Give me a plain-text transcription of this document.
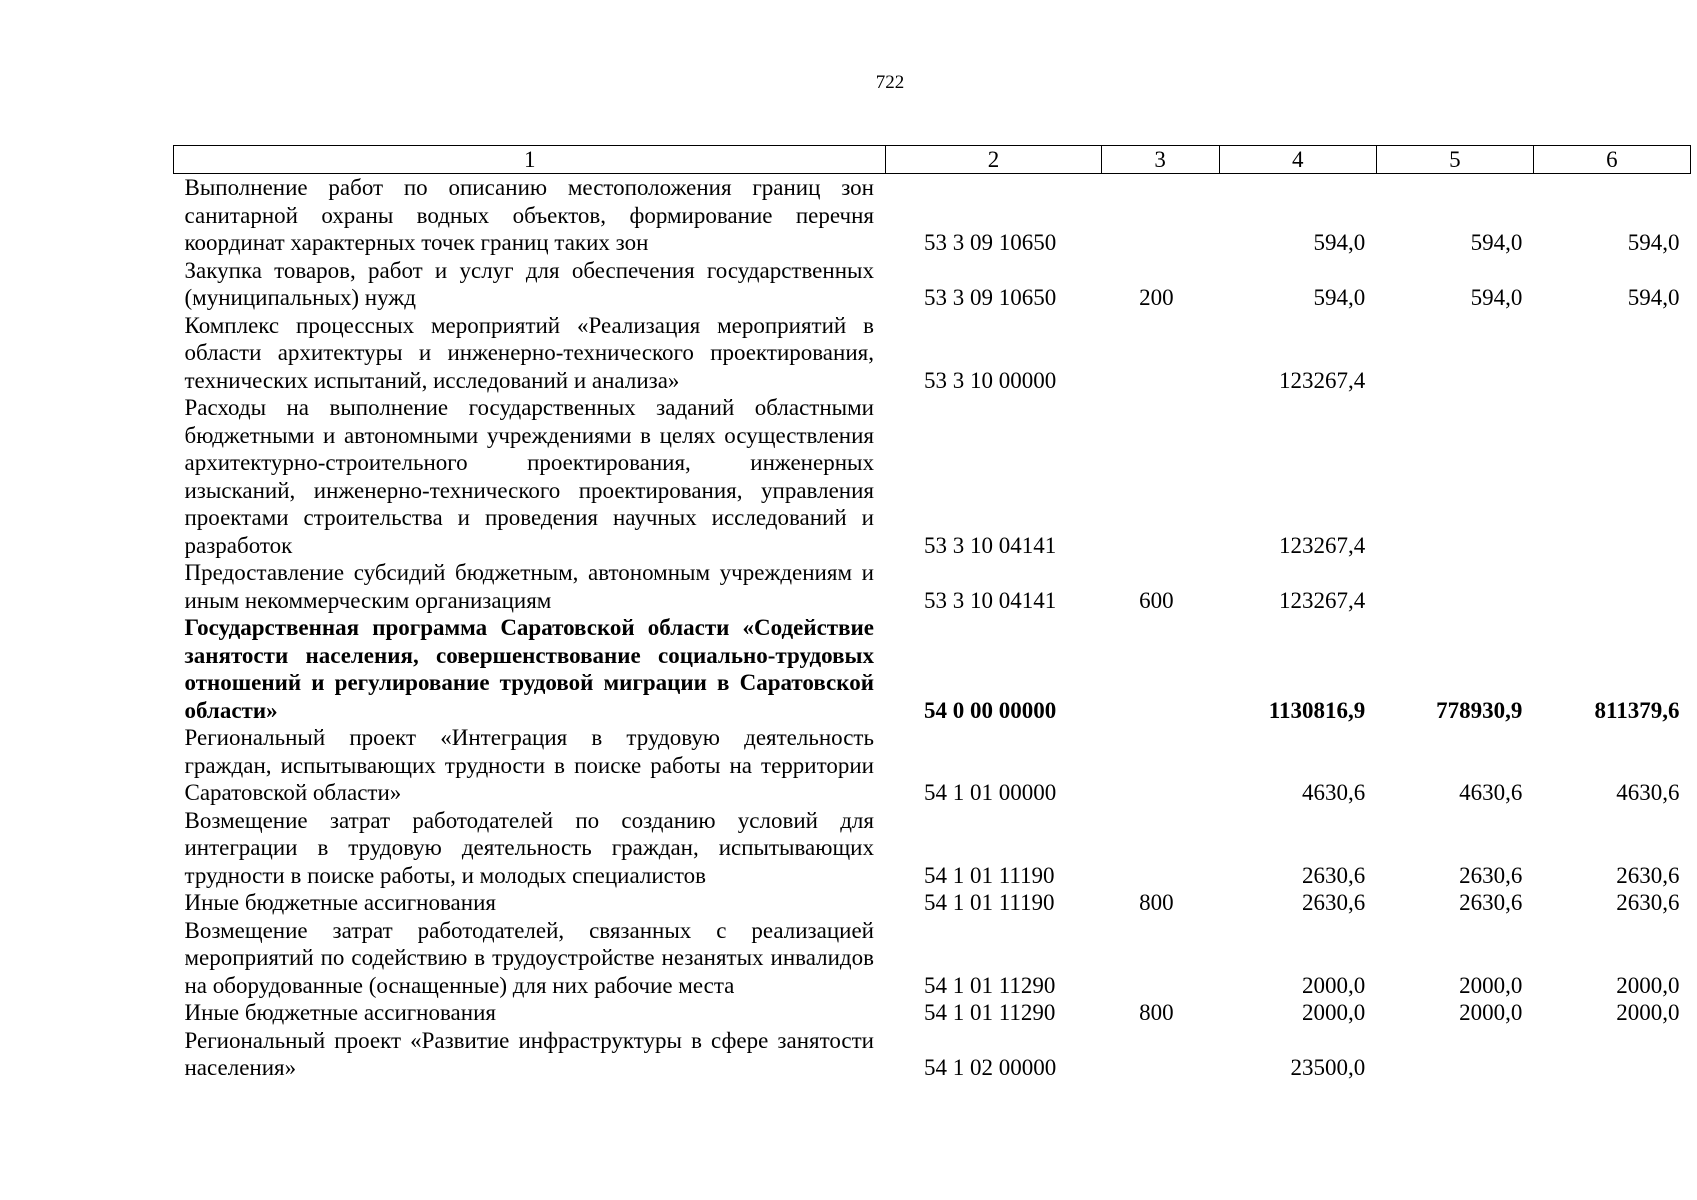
722
1	2	3	4	5	6
Выполнение работ по описанию местоположения границ зон санитарной охраны водных объектов, формирование перечня координат характерных точек границ таких зон	53 3 09 10650		594,0	594,0	594,0
Закупка товаров, работ и услуг для обеспечения государственных (муниципальных) нужд	53 3 09 10650	200	594,0	594,0	594,0
Комплекс процессных мероприятий «Реализация мероприятий в области архитектуры и инженерно-технического проектирования, технических испытаний, исследований и анализа»	53 3 10 00000		123267,4		
Расходы на выполнение государственных заданий областными бюджетными и автономными учреждениями в целях осуществления архитектурно-строительного проектирования, инженерных изысканий, инженерно-технического проектирования, управления проектами строительства и проведения научных исследований и разработок	53 3 10 04141		123267,4		
Предоставление субсидий бюджетным, автономным учреждениям и иным некоммерческим организациям	53 3 10 04141	600	123267,4		
Государственная программа Саратовской области «Содействие занятости населения, совершенствование социально-трудовых отношений и регулирование трудовой миграции в Саратовской области»	54 0 00 00000		1130816,9	778930,9	811379,6
Региональный проект «Интеграция в трудовую деятельность граждан, испытывающих трудности в поиске работы на территории Саратовской области»	54 1 01 00000		4630,6	4630,6	4630,6
Возмещение затрат работодателей по созданию условий для интеграции в трудовую деятельность граждан, испытывающих трудности в поиске работы, и молодых специалистов	54 1 01 11190		2630,6	2630,6	2630,6
Иные бюджетные ассигнования	54 1 01 11190	800	2630,6	2630,6	2630,6
Возмещение затрат работодателей, связанных с реализацией мероприятий по содействию в трудоустройстве незанятых инвалидов на оборудованные (оснащенные) для них рабочие места	54 1 01 11290		2000,0	2000,0	2000,0
Иные бюджетные ассигнования	54 1 01 11290	800	2000,0	2000,0	2000,0
Региональный проект «Развитие инфраструктуры в сфере занятости населения»	54 1 02 00000		23500,0		
